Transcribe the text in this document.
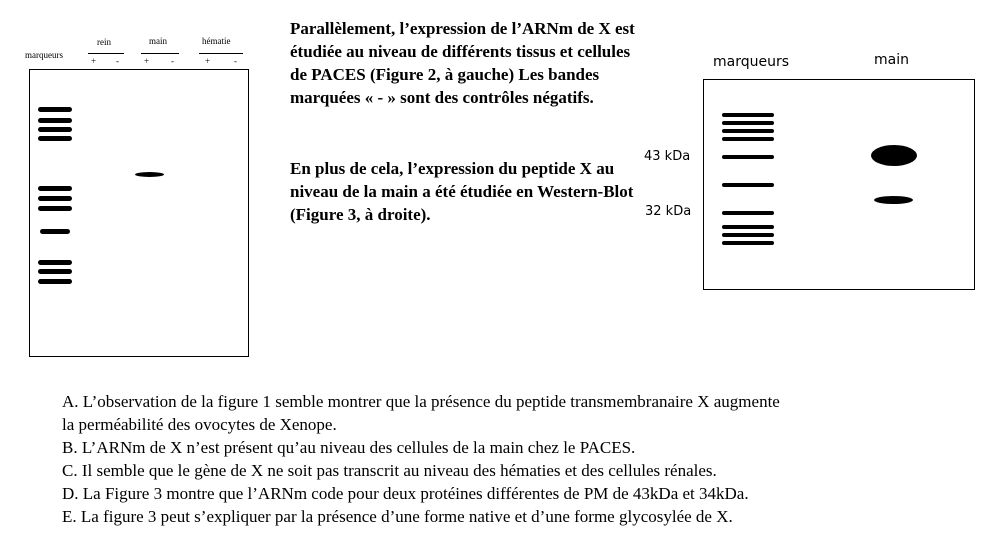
marqueurs
rein
+ -
main
+ -
hématie
+	-
Parallèlement, l’expression de l’ARNm de X est étudiée au niveau de différents tissus et cellules de PACES (Figure 2, à gauche) Les bandes marquées « - » sont des contrôles négatifs.
En plus de cela, l’expression du peptide X au niveau de la main a été étudiée en Western-Blot (Figure 3, à droite).
marqueurs	main
43 kDa
32 kDa
A. L’observation de la figure 1 semble montrer que la présence du peptide transmembranaire X augmente
la perméabilité des ovocytes de Xenope.
B. L’ARNm de X n’est présent qu’au niveau des cellules de la main chez le PACES.
C. Il semble que le gène de X ne soit pas transcrit au niveau des hématies et des cellules rénales.
D. La Figure 3 montre que l’ARNm code pour deux protéines différentes de PM de 43kDa et 34kDa.
E. La figure 3 peut s’expliquer par la présence d’une forme native et d’une forme glycosylée de X.
